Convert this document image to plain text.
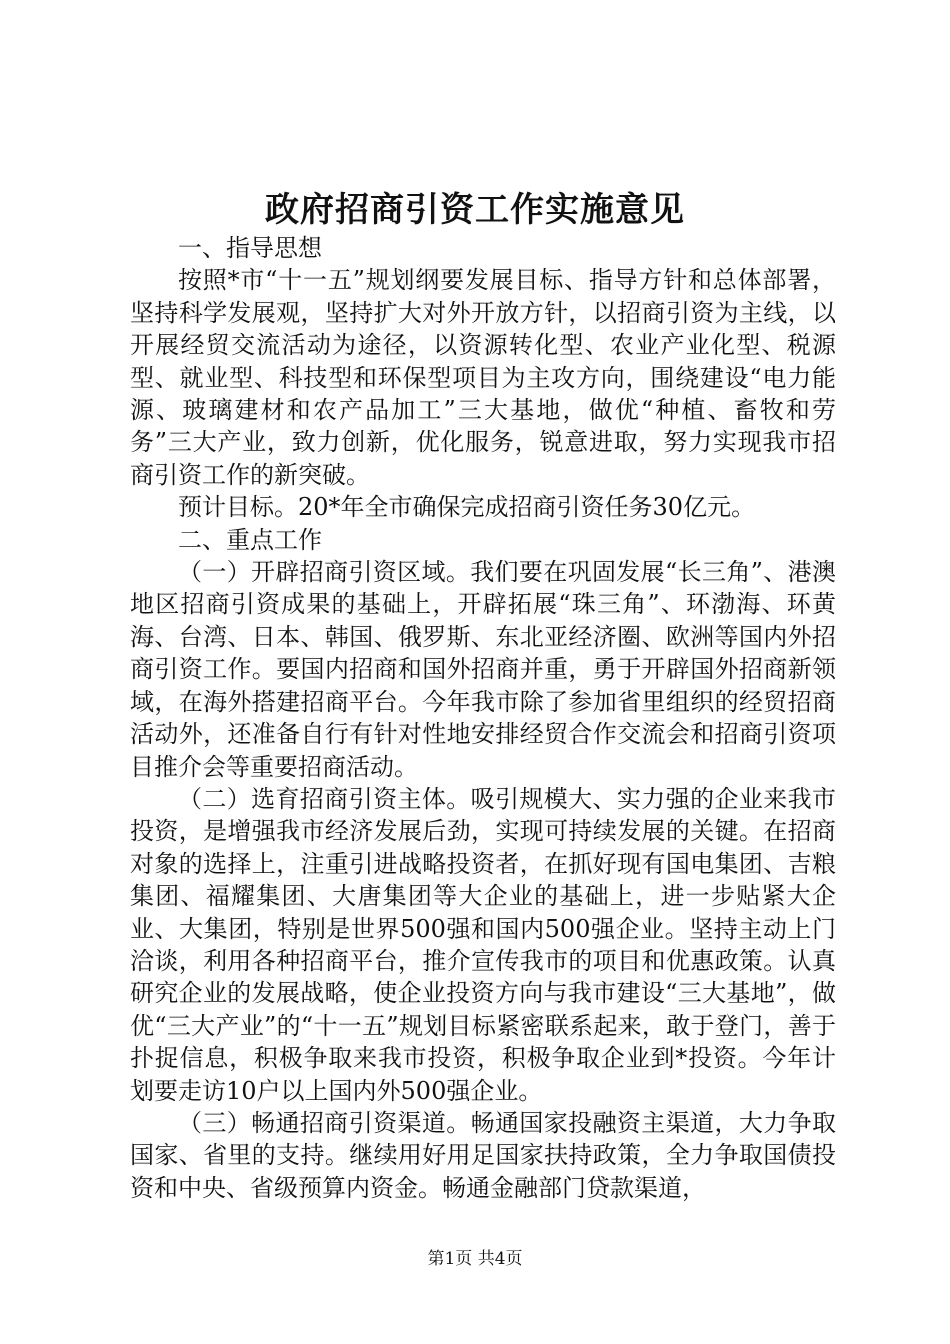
政府招商引资工作实施意见

一、指导思想

按照*市“十一五”规划纲要发展目标、指导方针和总体部署，坚持科学发展观，坚持扩大对外开放方针，以招商引资为主线，以开展经贸交流活动为途径，以资源转化型、农业产业化型、税源型、就业型、科技型和环保型项目为主攻方向，围绕建设“电力能源、玻璃建材和农产品加工”三大基地，做优“种植、畜牧和劳务”三大产业，致力创新，优化服务，锐意进取，努力实现我市招商引资工作的新突破。

预计目标。20*年全市确保完成招商引资任务30亿元。

二、重点工作

（一）开辟招商引资区域。我们要在巩固发展“长三角”、港澳地区招商引资成果的基础上，开辟拓展“珠三角”、环渤海、环黄海、台湾、日本、韩国、俄罗斯、东北亚经济圈、欧洲等国内外招商引资工作。要国内招商和国外招商并重，勇于开辟国外招商新领域，在海外搭建招商平台。今年我市除了参加省里组织的经贸招商活动外，还准备自行有针对性地安排经贸合作交流会和招商引资项目推介会等重要招商活动。

（二）选育招商引资主体。吸引规模大、实力强的企业来我市投资，是增强我市经济发展后劲，实现可持续发展的关键。在招商对象的选择上，注重引进战略投资者，在抓好现有国电集团、吉粮集团、福耀集团、大唐集团等大企业的基础上，进一步贴紧大企业、大集团，特别是世界500强和国内500强企业。坚持主动上门洽谈，利用各种招商平台，推介宣传我市的项目和优惠政策。认真研究企业的发展战略，使企业投资方向与我市建设“三大基地”，做优“三大产业”的“十一五”规划目标紧密联系起来，敢于登门，善于扑捉信息，积极争取来我市投资，积极争取企业到*投资。今年计划要走访10户以上国内外500强企业。

（三）畅通招商引资渠道。畅通国家投融资主渠道，大力争取国家、省里的支持。继续用好用足国家扶持政策，全力争取国债投资和中央、省级预算内资金。畅通金融部门贷款渠道，

第1页 共4页
